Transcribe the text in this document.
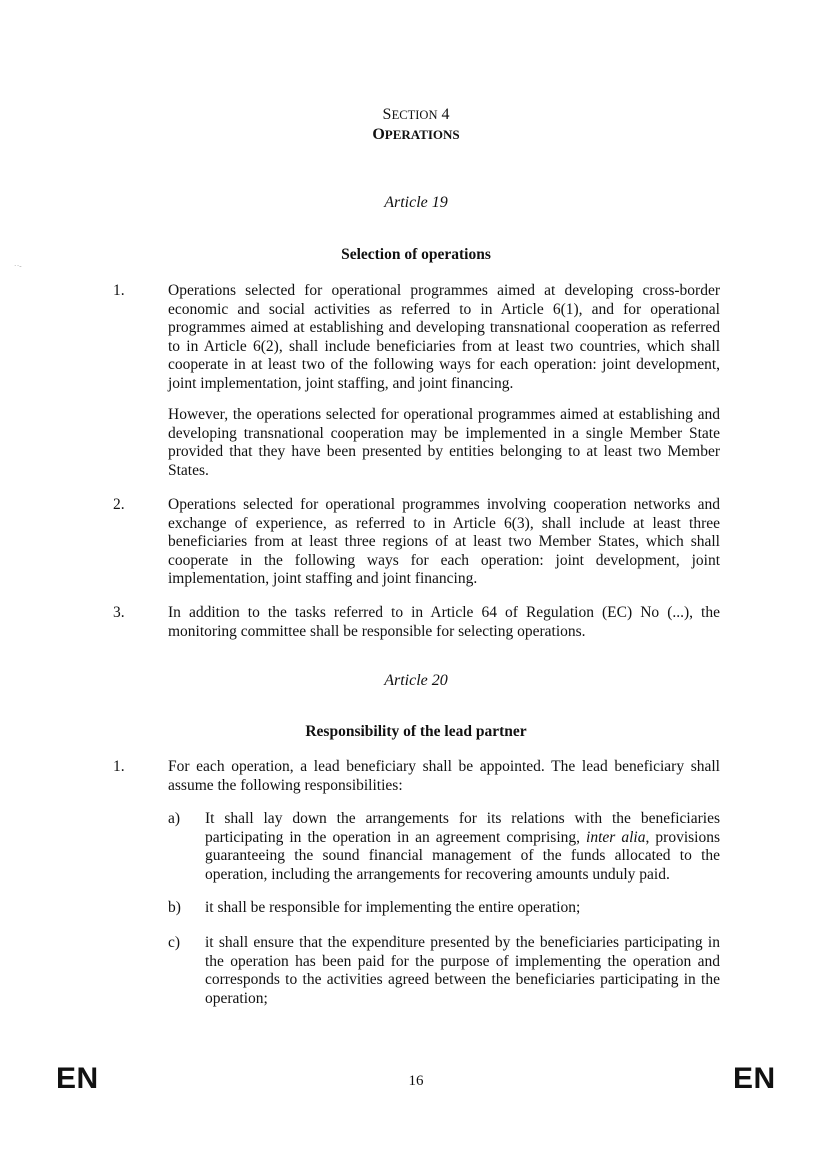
· ·‐
SECTION 4
OPERATIONS
Article 19
Selection of operations
1.	Operations selected for operational programmes aimed at developing cross-border economic and social activities as referred to in Article 6(1), and for operational programmes aimed at establishing and developing transnational cooperation as referred to in Article 6(2), shall include beneficiaries from at least two countries, which shall cooperate in at least two of the following ways for each operation: joint development, joint implementation, joint staffing, and joint financing.
However, the operations selected for operational programmes aimed at establishing and developing transnational cooperation may be implemented in a single Member State provided that they have been presented by entities belonging to at least two Member States.
2.	Operations selected for operational programmes involving cooperation networks and exchange of experience, as referred to in Article 6(3), shall include at least three beneficiaries from at least three regions of at least two Member States, which shall cooperate in the following ways for each operation: joint development, joint implementation, joint staffing and joint financing.
3.	In addition to the tasks referred to in Article 64 of Regulation (EC) No (...), the monitoring committee shall be responsible for selecting operations.
Article 20
Responsibility of the lead partner
1.	For each operation, a lead beneficiary shall be appointed. The lead beneficiary shall assume the following responsibilities:
a) It shall lay down the arrangements for its relations with the beneficiaries participating in the operation in an agreement comprising, inter alia, provisions guaranteeing the sound financial management of the funds allocated to the operation, including the arrangements for recovering amounts unduly paid.
b) it shall be responsible for implementing the entire operation;
c) it shall ensure that the expenditure presented by the beneficiaries participating in the operation has been paid for the purpose of implementing the operation and corresponds to the activities agreed between the beneficiaries participating in the operation;
EN	16	EN
